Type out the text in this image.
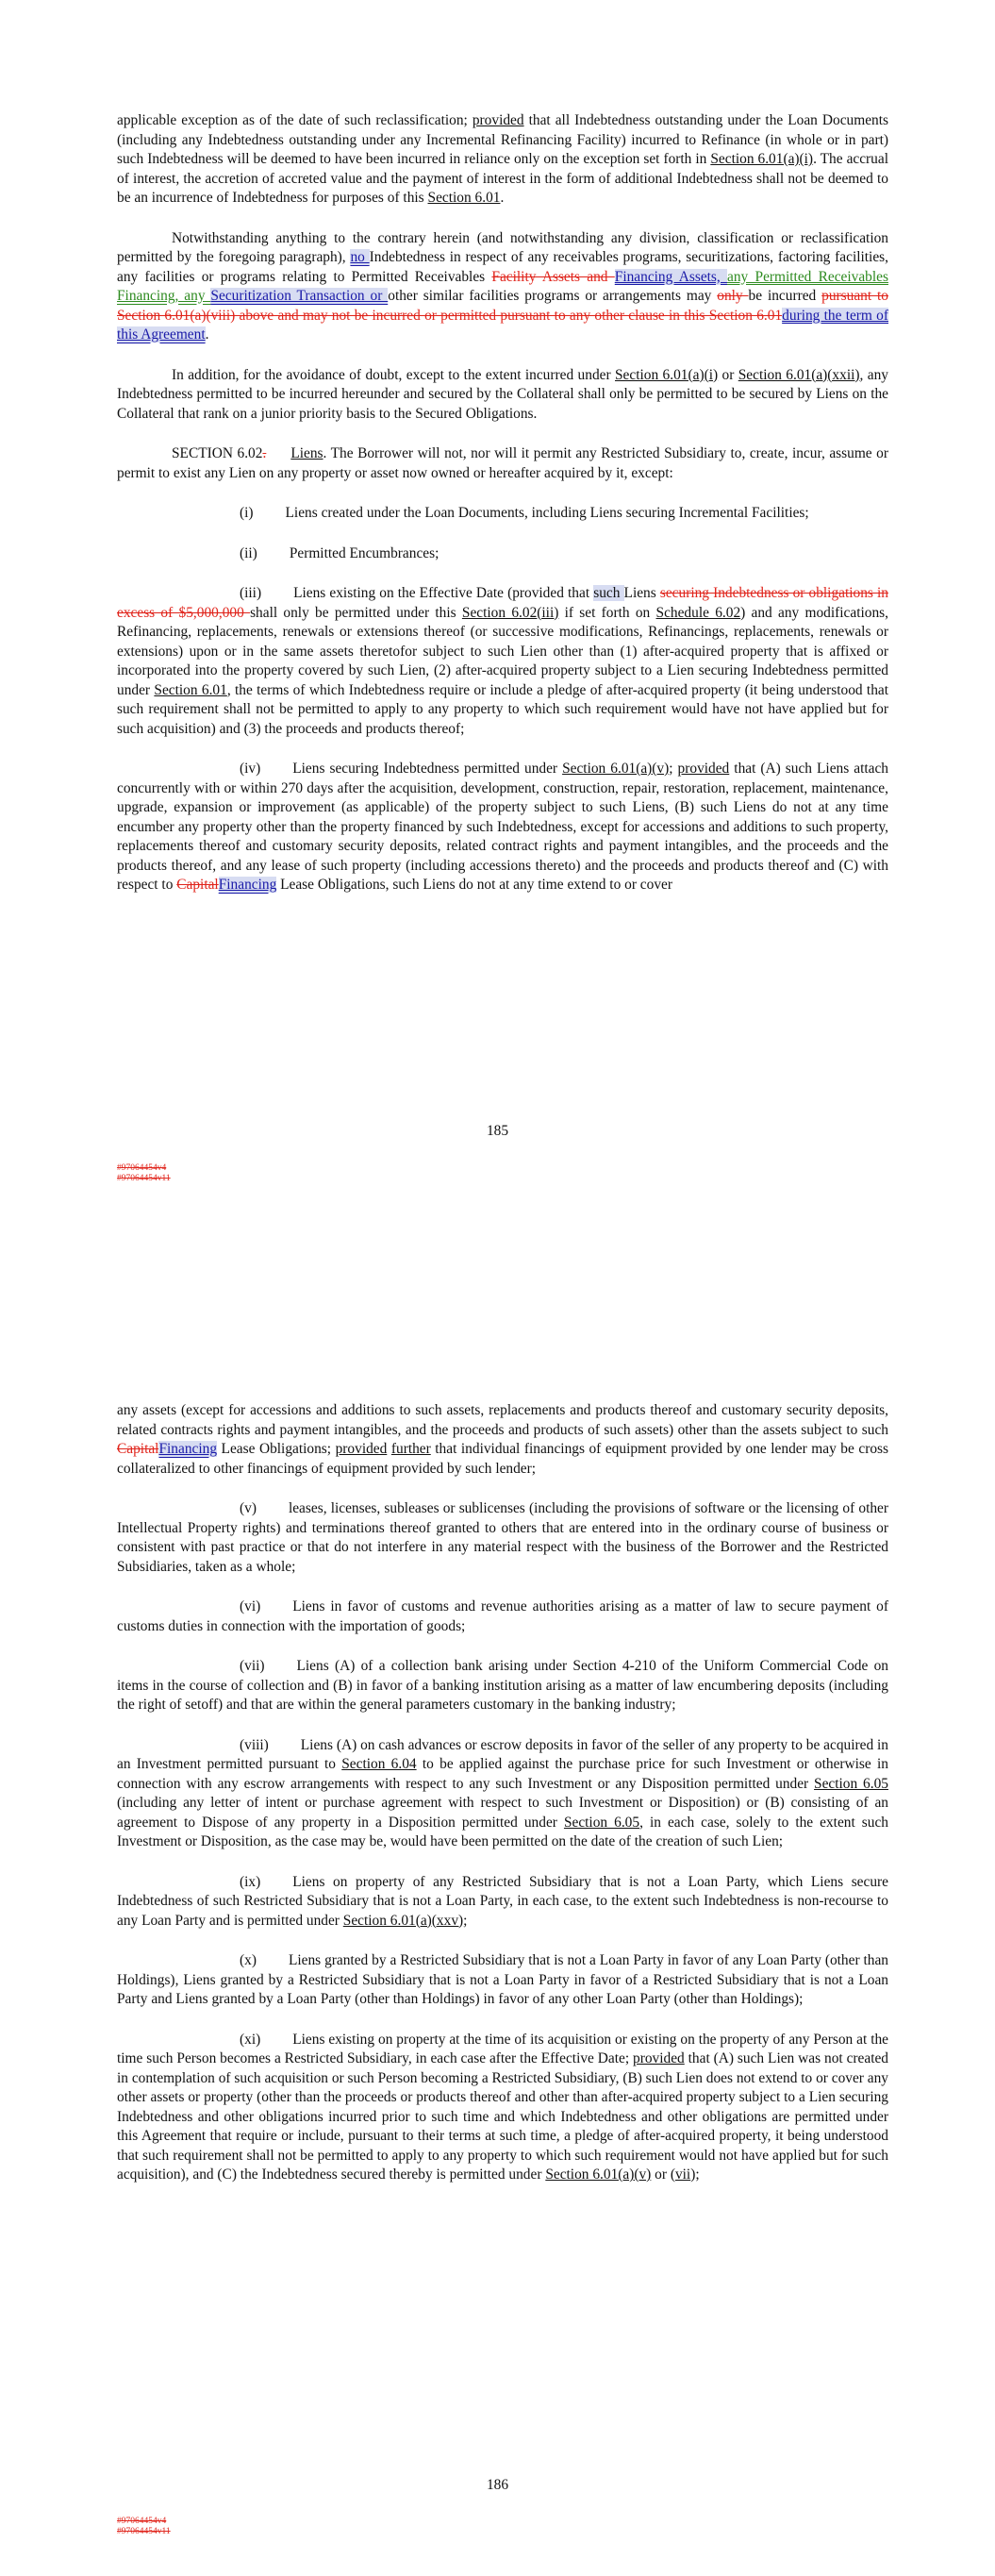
applicable exception as of the date of such reclassification; provided that all Indebtedness outstanding under the Loan Documents (including any Indebtedness outstanding under any Incremental Refinancing Facility) incurred to Refinance (in whole or in part) such Indebtedness will be deemed to have been incurred in reliance only on the exception set forth in Section 6.01(a)(i). The accrual of interest, the accretion of accreted value and the payment of interest in the form of additional Indebtedness shall not be deemed to be an incurrence of Indebtedness for purposes of this Section 6.01.

Notwithstanding anything to the contrary herein (and notwithstanding any division, classification or reclassification permitted by the foregoing paragraph), no Indebtedness in respect of any receivables programs, securitizations, factoring facilities, any facilities or programs relating to Permitted Receivables Facility Assets and Financing Assets, any Permitted Receivables Financing, any Securitization Transaction or other similar facilities programs or arrangements may only be incurred pursuant to Section 6.01(a)(viii) above and may not be incurred or permitted pursuant to any other clause in this Section 6.01during the term of this Agreement.

In addition, for the avoidance of doubt, except to the extent incurred under Section 6.01(a)(i) or Section 6.01(a)(xxii), any Indebtedness permitted to be incurred hereunder and secured by the Collateral shall only be permitted to be secured by Liens on the Collateral that rank on a junior priority basis to the Secured Obligations.

SECTION 6.02. Liens. The Borrower will not, nor will it permit any Restricted Subsidiary to, create, incur, assume or permit to exist any Lien on any property or asset now owned or hereafter acquired by it, except:

(i) Liens created under the Loan Documents, including Liens securing Incremental Facilities;

(ii) Permitted Encumbrances;

(iii) Liens existing on the Effective Date (provided that such Liens securing Indebtedness or obligations in excess of $5,000,000 shall only be permitted under this Section 6.02(iii) if set forth on Schedule 6.02) and any modifications, Refinancing, replacements, renewals or extensions thereof (or successive modifications, Refinancings, replacements, renewals or extensions) upon or in the same assets theretofor subject to such Lien other than (1) after-acquired property that is affixed or incorporated into the property covered by such Lien, (2) after-acquired property subject to a Lien securing Indebtedness permitted under Section 6.01, the terms of which Indebtedness require or include a pledge of after-acquired property (it being understood that such requirement shall not be permitted to apply to any property to which such requirement would have not have applied but for such acquisition) and (3) the proceeds and products thereof;

(iv) Liens securing Indebtedness permitted under Section 6.01(a)(v); provided that (A) such Liens attach concurrently with or within 270 days after the acquisition, development, construction, repair, restoration, replacement, maintenance, upgrade, expansion or improvement (as applicable) of the property subject to such Liens, (B) such Liens do not at any time encumber any property other than the property financed by such Indebtedness, except for accessions and additions to such property, replacements thereof and customary security deposits, related contract rights and payment intangibles, and the proceeds and the products thereof, and any lease of such property (including accessions thereto) and the proceeds and products thereof and (C) with respect to CapitalFinancing Lease Obligations, such Liens do not at any time extend to or cover

185
#97064454v4
#97064454v11

any assets (except for accessions and additions to such assets, replacements and products thereof and customary security deposits, related contracts rights and payment intangibles, and the proceeds and products of such assets) other than the assets subject to such CapitalFinancing Lease Obligations; provided further that individual financings of equipment provided by one lender may be cross collateralized to other financings of equipment provided by such lender;

(v) leases, licenses, subleases or sublicenses (including the provisions of software or the licensing of other Intellectual Property rights) and terminations thereof granted to others that are entered into in the ordinary course of business or consistent with past practice or that do not interfere in any material respect with the business of the Borrower and the Restricted Subsidiaries, taken as a whole;

(vi) Liens in favor of customs and revenue authorities arising as a matter of law to secure payment of customs duties in connection with the importation of goods;

(vii) Liens (A) of a collection bank arising under Section 4-210 of the Uniform Commercial Code on items in the course of collection and (B) in favor of a banking institution arising as a matter of law encumbering deposits (including the right of setoff) and that are within the general parameters customary in the banking industry;

(viii) Liens (A) on cash advances or escrow deposits in favor of the seller of any property to be acquired in an Investment permitted pursuant to Section 6.04 to be applied against the purchase price for such Investment or otherwise in connection with any escrow arrangements with respect to any such Investment or any Disposition permitted under Section 6.05 (including any letter of intent or purchase agreement with respect to such Investment or Disposition) or (B) consisting of an agreement to Dispose of any property in a Disposition permitted under Section 6.05, in each case, solely to the extent such Investment or Disposition, as the case may be, would have been permitted on the date of the creation of such Lien;

(ix) Liens on property of any Restricted Subsidiary that is not a Loan Party, which Liens secure Indebtedness of such Restricted Subsidiary that is not a Loan Party, in each case, to the extent such Indebtedness is non-recourse to any Loan Party and is permitted under Section 6.01(a)(xxv);

(x) Liens granted by a Restricted Subsidiary that is not a Loan Party in favor of any Loan Party (other than Holdings), Liens granted by a Restricted Subsidiary that is not a Loan Party in favor of a Restricted Subsidiary that is not a Loan Party and Liens granted by a Loan Party (other than Holdings) in favor of any other Loan Party (other than Holdings);

(xi) Liens existing on property at the time of its acquisition or existing on the property of any Person at the time such Person becomes a Restricted Subsidiary, in each case after the Effective Date; provided that (A) such Lien was not created in contemplation of such acquisition or such Person becoming a Restricted Subsidiary, (B) such Lien does not extend to or cover any other assets or property (other than the proceeds or products thereof and other than after-acquired property subject to a Lien securing Indebtedness and other obligations incurred prior to such time and which Indebtedness and other obligations are permitted under this Agreement that require or include, pursuant to their terms at such time, a pledge of after-acquired property, it being understood that such requirement shall not be permitted to apply to any property to which such requirement would not have applied but for such acquisition), and (C) the Indebtedness secured thereby is permitted under Section 6.01(a)(v) or (vii);

186
#97064454v4
#97064454v11
